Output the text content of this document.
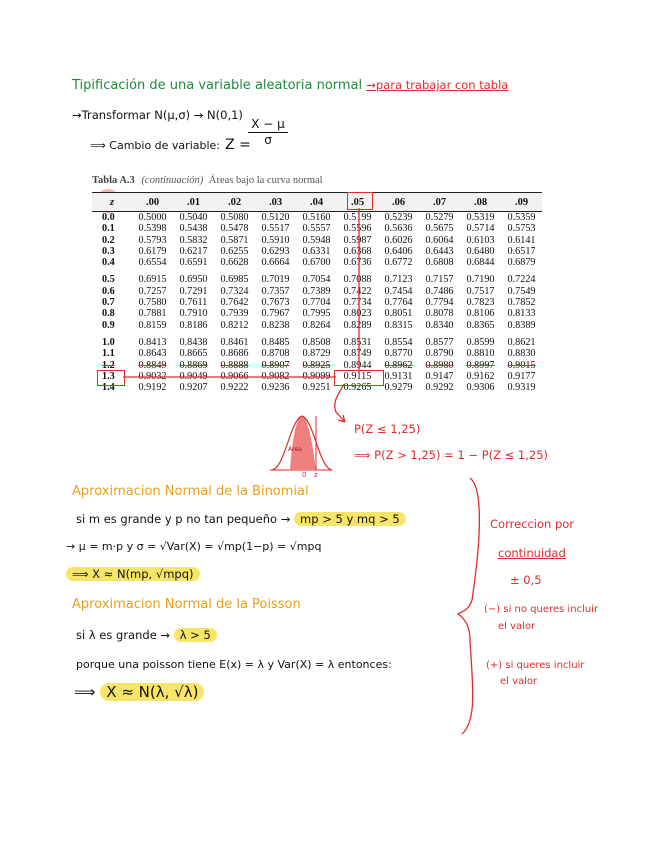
Tipificación de una variable aleatoria normal →para trabajar con tabla
→Transformar N(μ,σ) → N(0,1)
⟹ Cambio de variable: Z =
$\frac{X - \mu}{\sigma}$
Tabla A.3 (continuación) Áreas bajo la curva normal
z	.00	.01	.02	.03	.04	.05	.06	.07	.08	.09
0.0	0.5000	0.5040	0.5080	0.5120	0.5160	0.5199	0.5239	0.5279	0.5319	0.5359
0.1	0.5398	0.5438	0.5478	0.5517	0.5557	0.5596	0.5636	0.5675	0.5714	0.5753
0.2	0.5793	0.5832	0.5871	0.5910	0.5948	0.5987	0.6026	0.6064	0.6103	0.6141
0.3	0.6179	0.6217	0.6255	0.6293	0.6331	0.6368	0.6406	0.6443	0.6480	0.6517
0.4	0.6554	0.6591	0.6628	0.6664	0.6700	0.6736	0.6772	0.6808	0.6844	0.6879

0.5	0.6915	0.6950	0.6985	0.7019	0.7054	0.7088	0.7123	0.7157	0.7190	0.7224
0.6	0.7257	0.7291	0.7324	0.7357	0.7389	0.7422	0.7454	0.7486	0.7517	0.7549
0.7	0.7580	0.7611	0.7642	0.7673	0.7704	0.7734	0.7764	0.7794	0.7823	0.7852
0.8	0.7881	0.7910	0.7939	0.7967	0.7995	0.8023	0.8051	0.8078	0.8106	0.8133
0.9	0.8159	0.8186	0.8212	0.8238	0.8264	0.8289	0.8315	0.8340	0.8365	0.8389

1.0	0.8413	0.8438	0.8461	0.8485	0.8508	0.8531	0.8554	0.8577	0.8599	0.8621
1.1	0.8643	0.8665	0.8686	0.8708	0.8729	0.8749	0.8770	0.8790	0.8810	0.8830
1.2	0.8849	0.8869	0.8888	0.8907	0.8925	0.8944	0.8962	0.8980	0.8997	0.9015
1.3	0.9032	0.9049	0.9066	0.9082	0.9099	0.9115	0.9131	0.9147	0.9162	0.9177
1.4	0.9192	0.9207	0.9222	0.9236	0.9251	0.9265	0.9279	0.9292	0.9306	0.9319
Área
0 z
P(Z ≤ 1,25)
⟹ P(Z > 1,25) = 1 − P(Z ≤ 1,25)
Aproximacion Normal de la Binomial
si m es grande y p no tan pequeño → mp > 5 y mq > 5
→ μ = m·p y σ = √Var(X) = √mp(1−p) = √mpq
⟹ X ≈ N(mp, √mpq)
Aproximacion Normal de la Poisson
si λ es grande → λ > 5
porque una poisson tiene E(x) = λ y Var(X) = λ entonces:
⟹ X ≈ N(λ, √λ)
Correccion por
continuidad
± 0,5
(−) si no queres incluir
el valor
(+) si queres incluir
el valor
